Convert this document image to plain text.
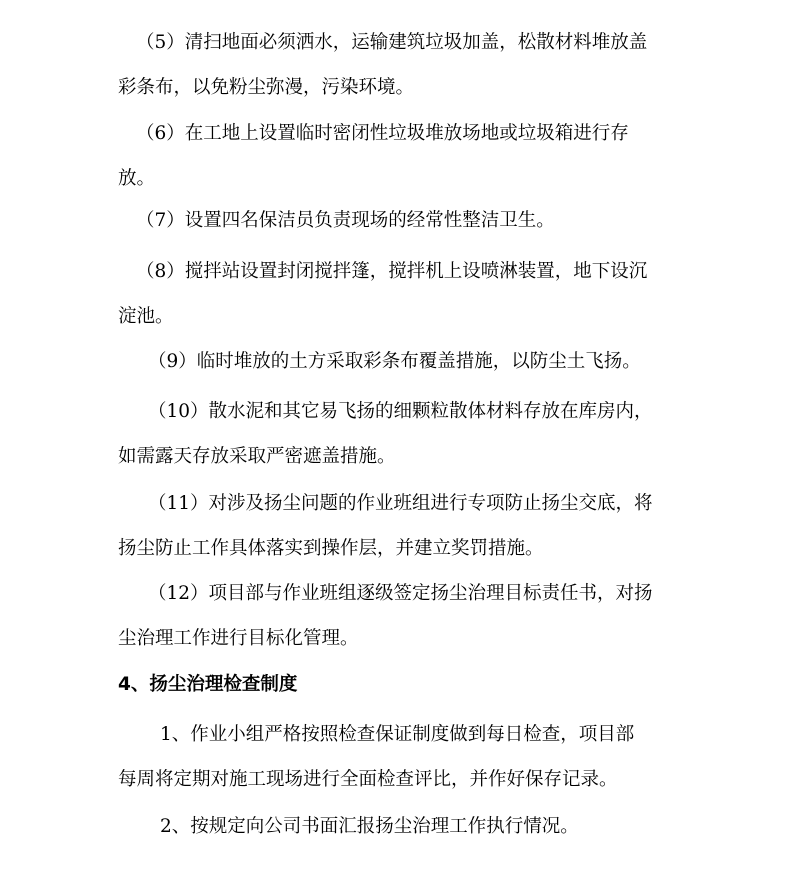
（5）清扫地面必须洒水，运输建筑垃圾加盖，松散材料堆放盖
彩条布，以免粉尘弥漫，污染环境。

（6）在工地上设置临时密闭性垃圾堆放场地或垃圾箱进行存
放。

（7）设置四名保洁员负责现场的经常性整洁卫生。

（8）搅拌站设置封闭搅拌篷，搅拌机上设喷淋装置，地下设沉
淀池。

（9）临时堆放的土方采取彩条布覆盖措施，以防尘土飞扬。

（10）散水泥和其它易飞扬的细颗粒散体材料存放在库房内，
如需露天存放采取严密遮盖措施。

（11）对涉及扬尘问题的作业班组进行专项防止扬尘交底，将
扬尘防止工作具体落实到操作层，并建立奖罚措施。

（12）项目部与作业班组逐级签定扬尘治理目标责任书，对扬
尘治理工作进行目标化管理。

4、扬尘治理检查制度

1、作业小组严格按照检查保证制度做到每日检查，项目部
每周将定期对施工现场进行全面检查评比，并作好保存记录。

2、按规定向公司书面汇报扬尘治理工作执行情况。
